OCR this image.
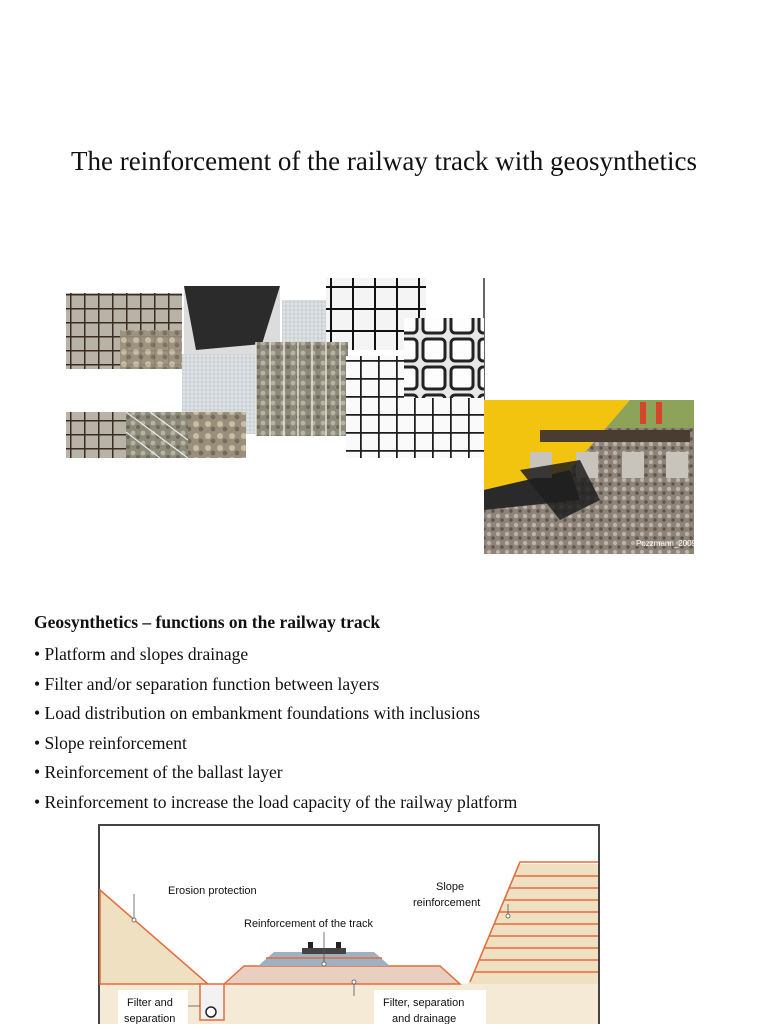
The reinforcement of the railway track with geosynthetics
Pozzmann_2009
Geosynthetics – functions on the railway track
• Platform and slopes drainage
• Filter and/or separation function between layers
• Load distribution on embankment foundations with inclusions
• Slope reinforcement
• Reinforcement of the ballast layer
• Reinforcement to increase the load capacity of the railway platform
Erosion protection
Reinforcement of the track
Slope
reinforcement
Filter and
separation
Filter, separation
and drainage
